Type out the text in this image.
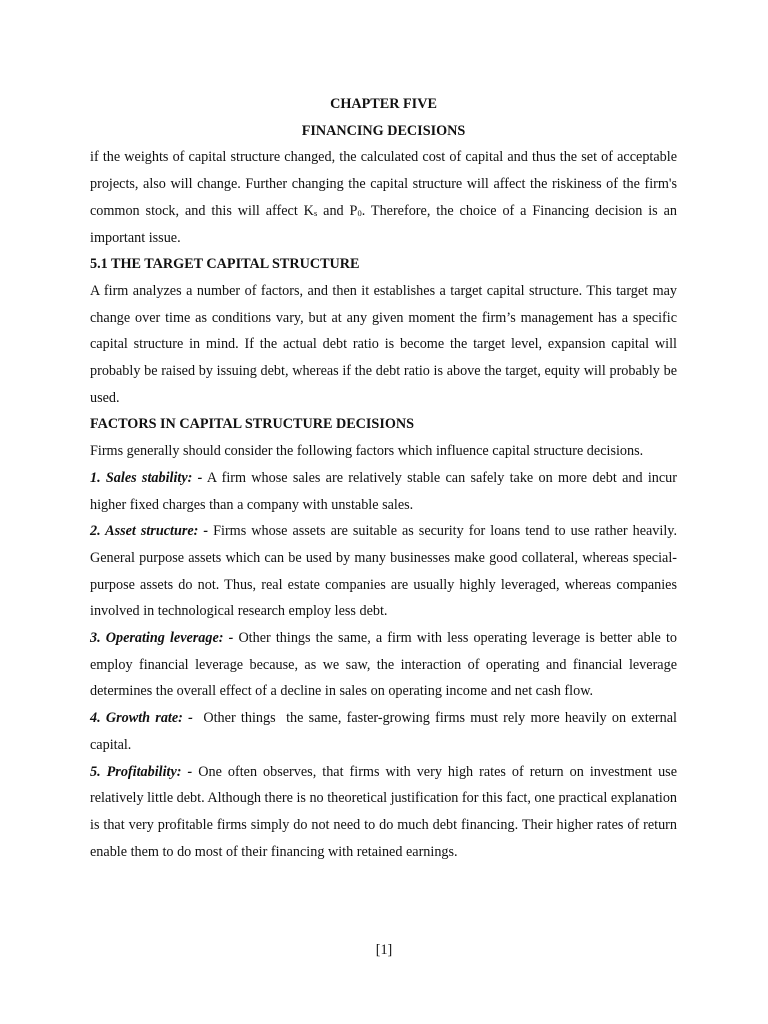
CHAPTER FIVE
FINANCING DECISIONS

if the weights of capital structure changed, the calculated cost of capital and thus the set of acceptable projects, also will change. Further changing the capital structure will affect the riskiness of the firm's common stock, and this will affect $K_s$ and $P_0$. Therefore, the choice of a Financing decision is an important issue.

5.1 THE TARGET CAPITAL STRUCTURE

A firm analyzes a number of factors, and then it establishes a target capital structure. This target may change over time as conditions vary, but at any given moment the firm’s management has a specific capital structure in mind. If the actual debt ratio is become the target level, expansion capital will probably be raised by issuing debt, whereas if the debt ratio is above the target, equity will probably be used.

FACTORS IN CAPITAL STRUCTURE DECISIONS

Firms generally should consider the following factors which influence capital structure decisions.

1. Sales stability: - A firm whose sales are relatively stable can safely take on more debt and incur higher fixed charges than a company with unstable sales.

2. Asset structure: - Firms whose assets are suitable as security for loans tend to use rather heavily. General purpose assets which can be used by many businesses make good collateral, whereas special-purpose assets do not. Thus, real estate companies are usually highly leveraged, whereas companies involved in technological research employ less debt.

3. Operating leverage: - Other things the same, a firm with less operating leverage is better able to employ financial leverage because, as we saw, the interaction of operating and financial leverage determines the overall effect of a decline in sales on operating income and net cash flow.

4. Growth rate: -  Other things  the same, faster-growing firms must rely more heavily on external capital.

5. Profitability: - One often observes, that firms with very high rates of return on investment use relatively little debt. Although there is no theoretical justification for this fact, one practical explanation is that very profitable firms simply do not need to do much debt financing. Their higher rates of return enable them to do most of their financing with retained earnings.

[1]
